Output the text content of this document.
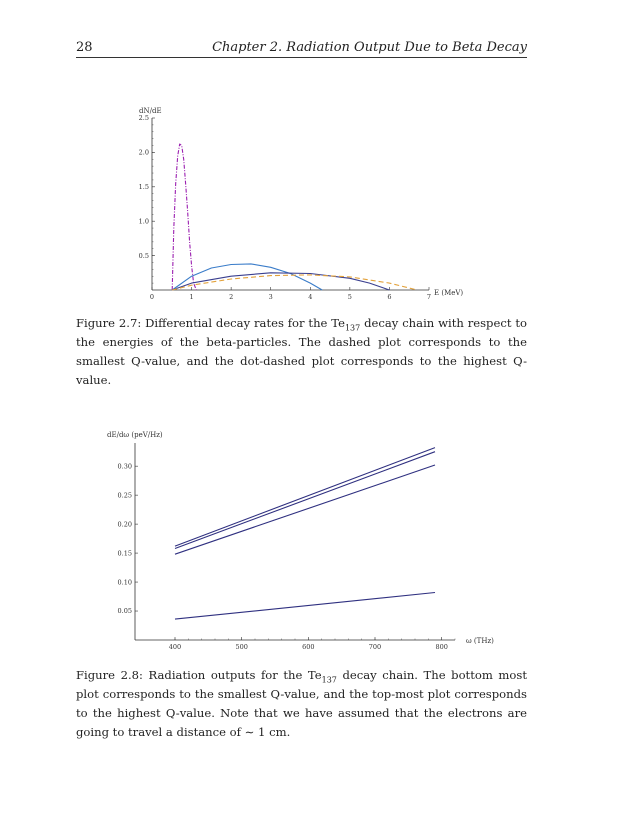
28	Chapter 2. Radiation Output Due to Beta Decay
0	1	2	3	4	5	6	7
0.5
1.0
1.5
2.0
2.5
dN/dE
E (MeV)
400	500	600	700	800
0.05
0.10
0.15
0.20
0.25
0.30
dE/dω (peV/Hz)
ω (THz)
Figure 2.7: Differential decay rates for the $Te_{137}$ decay chain with respect to the energies of the beta-particles. The dashed plot corresponds to the smallest Q-value, and the dot-dashed plot corresponds to the highest Q-value.
Figure 2.8: Radiation outputs for the $Te_{137}$ decay chain. The bottom most plot corresponds to the smallest Q-value, and the top-most plot corresponds to the highest Q-value. Note that we have assumed that the electrons are going to travel a distance of ∼ 1 cm.
